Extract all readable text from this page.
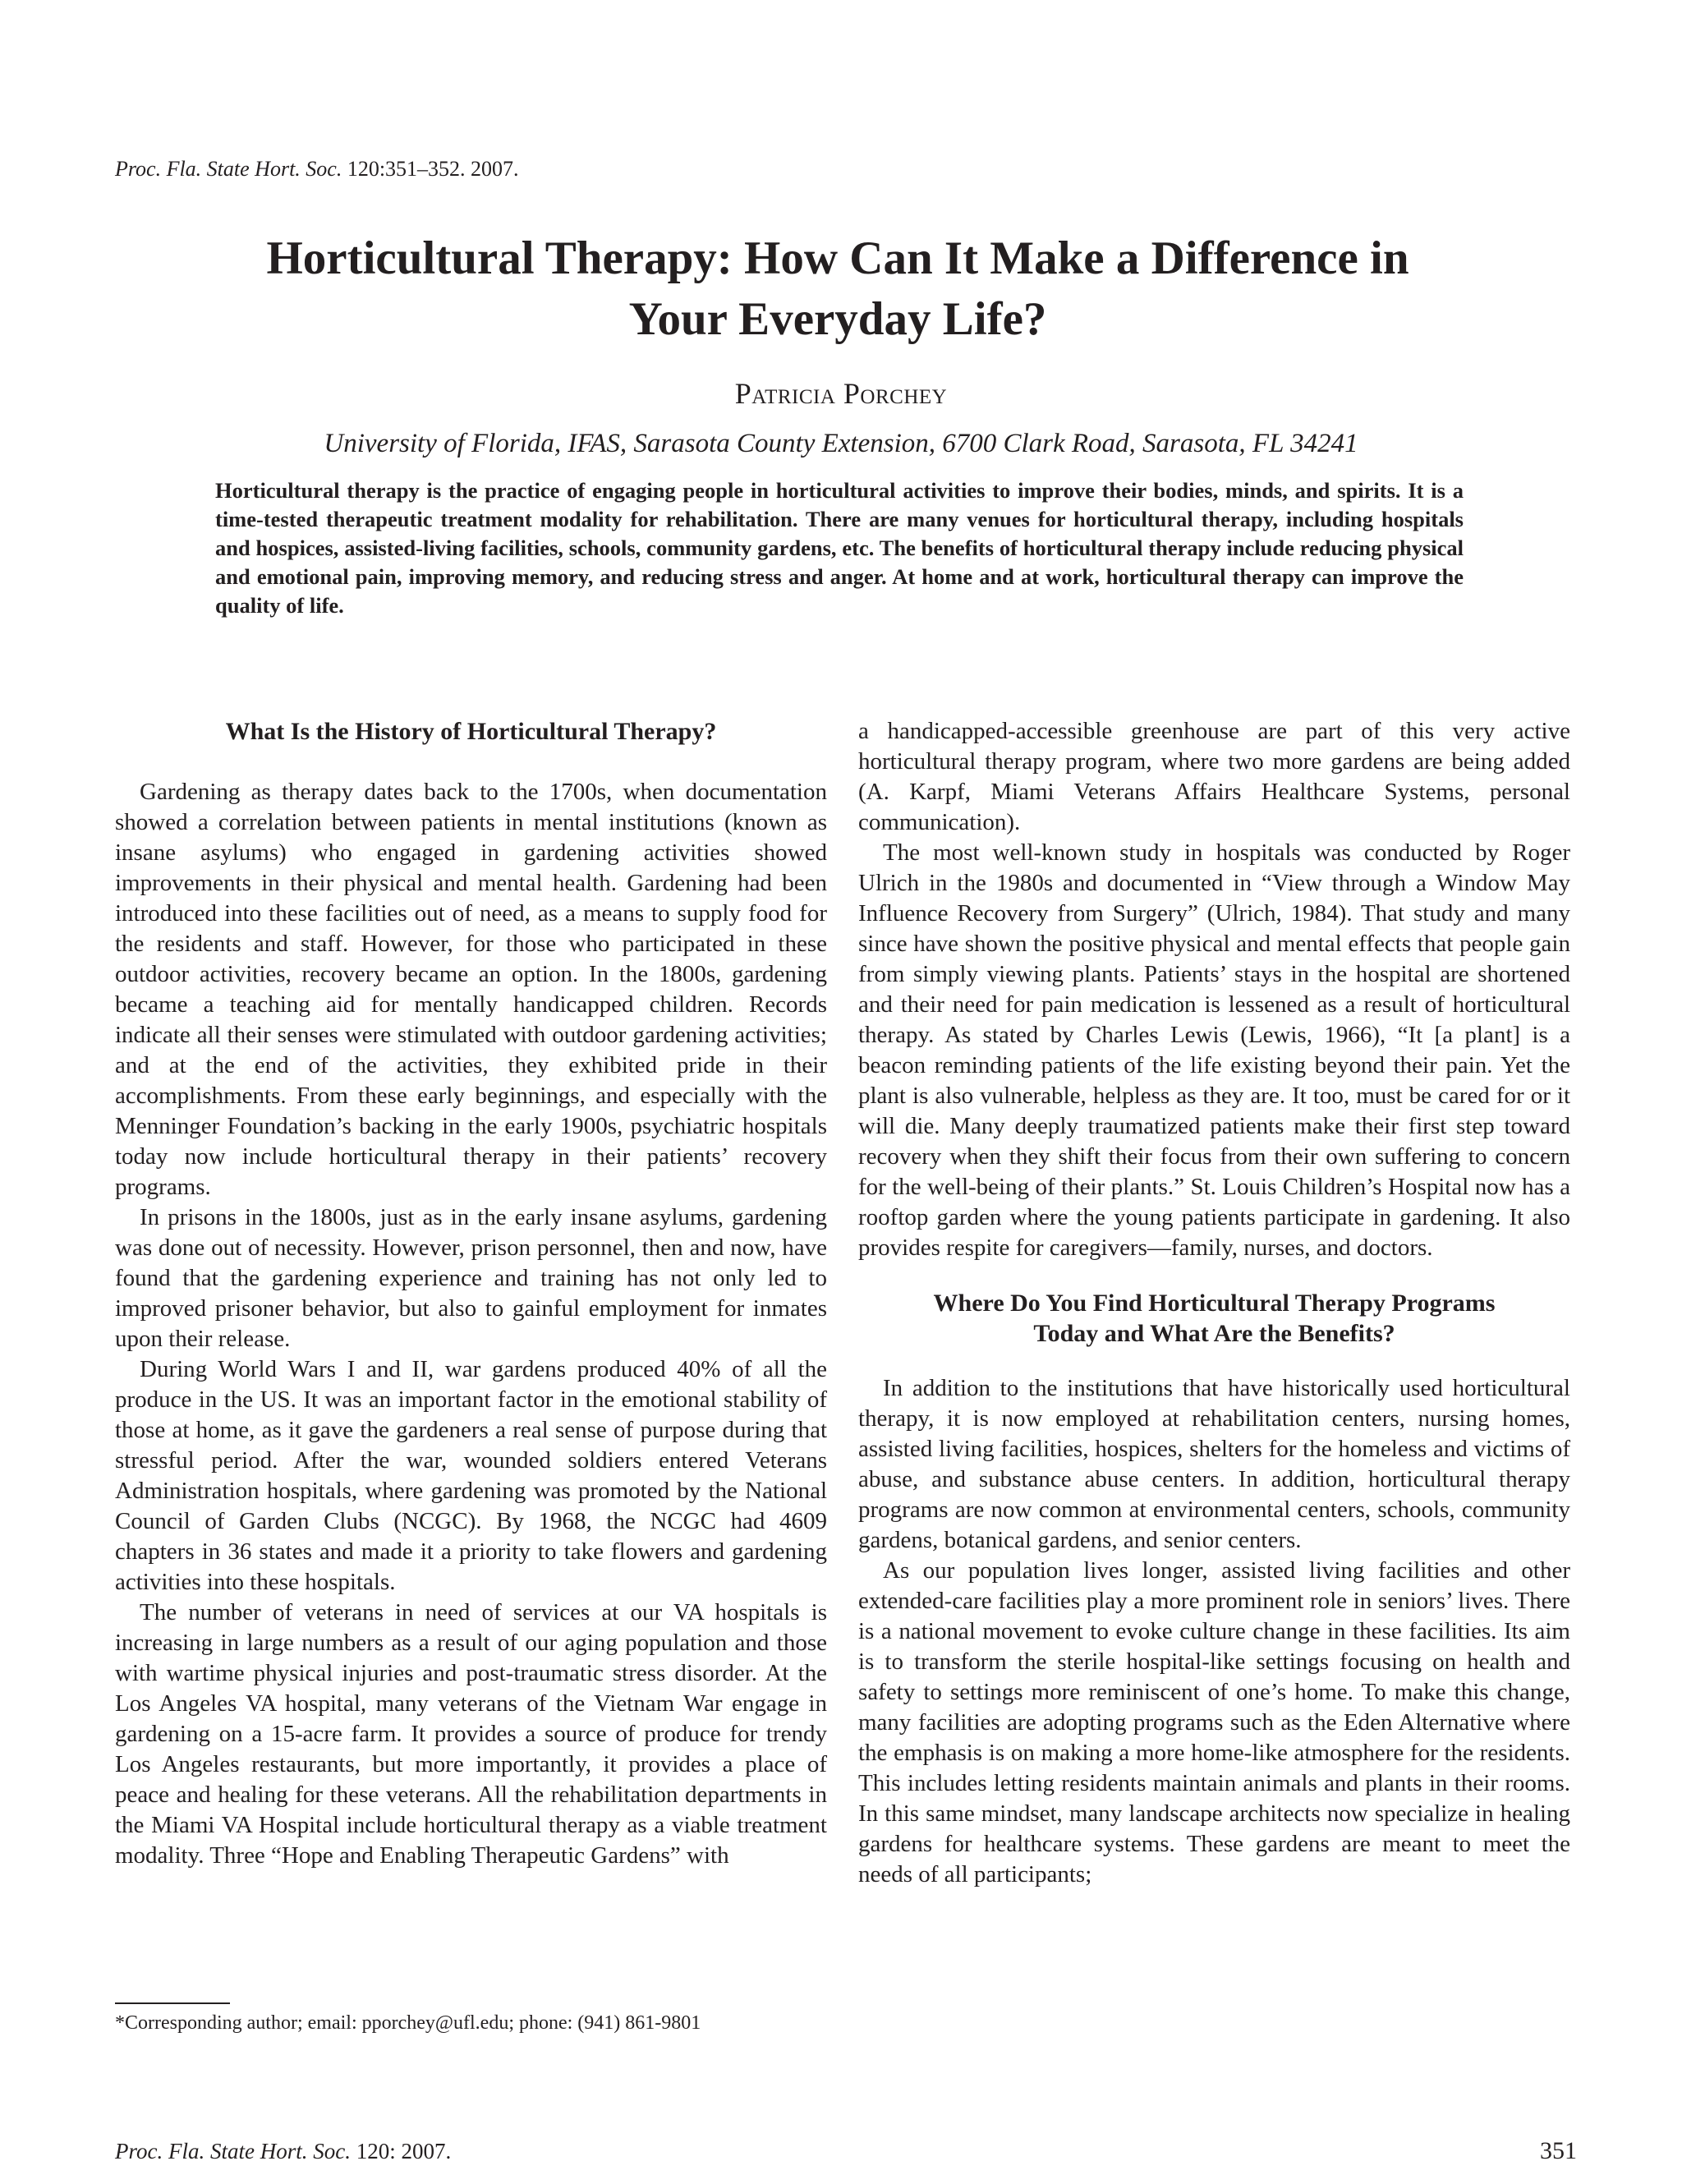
Proc. Fla. State Hort. Soc. 120:351–352. 2007.
Horticultural Therapy: How Can It Make a Difference in
Your Everyday Life?
Patricia Porchey
University of Florida, IFAS, Sarasota County Extension, 6700 Clark Road, Sarasota, FL 34241

Horticultural therapy is the practice of engaging people in horticultural activities to improve their bodies, minds, and spirits. It is a time-tested therapeutic treatment modality for rehabilitation. There are many venues for horticultural therapy, including hospitals and hospices, assisted-living facilities, schools, community gardens, etc. The benefits of horticultural therapy include reducing physical and emotional pain, improving memory, and reducing stress and anger. At home and at work, horticultural therapy can improve the quality of life.

What Is the History of Horticultural Therapy?

Gardening as therapy dates back to the 1700s, when documentation showed a correlation between patients in mental institutions (known as insane asylums) who engaged in gardening activities showed improvements in their physical and mental health. Gardening had been introduced into these facilities out of need, as a means to supply food for the residents and staff. However, for those who participated in these outdoor activities, recovery became an option. In the 1800s, gardening became a teaching aid for mentally handicapped children. Records indicate all their senses were stimulated with outdoor gardening activities; and at the end of the activities, they exhibited pride in their accomplishments. From these early beginnings, and especially with the Menninger Foundation’s backing in the early 1900s, psychiatric hospitals today now include horticultural therapy in their patients’ recovery programs.

In prisons in the 1800s, just as in the early insane asylums, gardening was done out of necessity. However, prison personnel, then and now, have found that the gardening experience and training has not only led to improved prisoner behavior, but also to gainful employment for inmates upon their release.

During World Wars I and II, war gardens produced 40% of all the produce in the US. It was an important factor in the emotional stability of those at home, as it gave the gardeners a real sense of purpose during that stressful period. After the war, wounded soldiers entered Veterans Administration hospitals, where gardening was promoted by the National Council of Garden Clubs (NCGC). By 1968, the NCGC had 4609 chapters in 36 states and made it a priority to take flowers and gardening activities into these hospitals.

The number of veterans in need of services at our VA hospitals is increasing in large numbers as a result of our aging population and those with wartime physical injuries and post-traumatic stress disorder. At the Los Angeles VA hospital, many veterans of the Vietnam War engage in gardening on a 15-acre farm. It provides a source of produce for trendy Los Angeles restaurants, but more importantly, it provides a place of peace and healing for these veterans. All the rehabilitation departments in the Miami VA Hospital include horticultural therapy as a viable treatment modality. Three “Hope and Enabling Therapeutic Gardens” with

a handicapped-accessible greenhouse are part of this very active horticultural therapy program, where two more gardens are being added (A. Karpf, Miami Veterans Affairs Healthcare Systems, personal communication).

The most well-known study in hospitals was conducted by Roger Ulrich in the 1980s and documented in “View through a Window May Influence Recovery from Surgery” (Ulrich, 1984). That study and many since have shown the positive physical and mental effects that people gain from simply viewing plants. Patients’ stays in the hospital are shortened and their need for pain medication is lessened as a result of horticultural therapy. As stated by Charles Lewis (Lewis, 1966), “It [a plant] is a beacon reminding patients of the life existing beyond their pain. Yet the plant is also vulnerable, helpless as they are. It too, must be cared for or it will die. Many deeply traumatized patients make their first step toward recovery when they shift their focus from their own suffering to concern for the well-being of their plants.” St. Louis Children’s Hospital now has a rooftop garden where the young patients participate in gardening. It also provides respite for caregivers—family, nurses, and doctors.

Where Do You Find Horticultural Therapy Programs
Today and What Are the Benefits?

In addition to the institutions that have historically used horticultural therapy, it is now employed at rehabilitation centers, nursing homes, assisted living facilities, hospices, shelters for the homeless and victims of abuse, and substance abuse centers. In addition, horticultural therapy programs are now common at environmental centers, schools, community gardens, botanical gardens, and senior centers.

As our population lives longer, assisted living facilities and other extended-care facilities play a more prominent role in seniors’ lives. There is a national movement to evoke culture change in these facilities. Its aim is to transform the sterile hospital-like settings focusing on health and safety to settings more reminiscent of one’s home. To make this change, many facilities are adopting programs such as the Eden Alternative where the emphasis is on making a more home-like atmosphere for the residents. This includes letting residents maintain animals and plants in their rooms. In this same mindset, many landscape architects now specialize in healing gardens for healthcare systems. These gardens are meant to meet the needs of all participants;

*Corresponding author; email: pporchey@ufl.edu; phone: (941) 861-9801
Proc. Fla. State Hort. Soc. 120: 2007.	351
